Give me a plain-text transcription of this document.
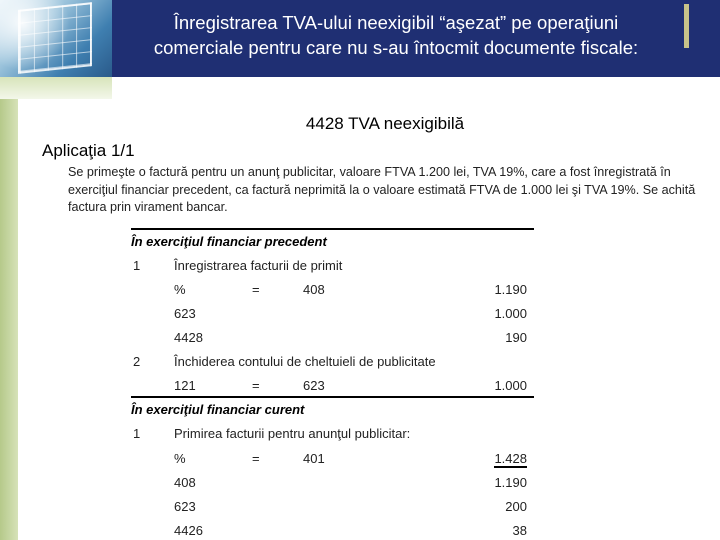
Înregistrarea TVA-ului neexigibil “aşezat” pe operaţiuni
comerciale pentru care nu s-au întocmit documente fiscale:
4428 TVA neexigibilă
Aplicaţia 1/1
Se primeşte o factură pentru un anunţ publicitar, valoare FTVA 1.200 lei, TVA 19%, care a fost înregistrată în exerciţiul financiar precedent, ca factură neprimită la o valoare estimată FTVA de 1.000 lei şi TVA 19%. Se achită factura prin virament bancar.
În exerciţiul financiar precedent
1	Înregistrarea facturii de primit
%	=	408	1.190
623	1.000
4428	190
2	Închiderea contului de cheltuieli de publicitate
121	=	623	1.000
În exerciţiul financiar curent
1	Primirea facturii pentru anunţul publicitar:
%	=	401	1.428
408	1.190
623	200
4426	38
